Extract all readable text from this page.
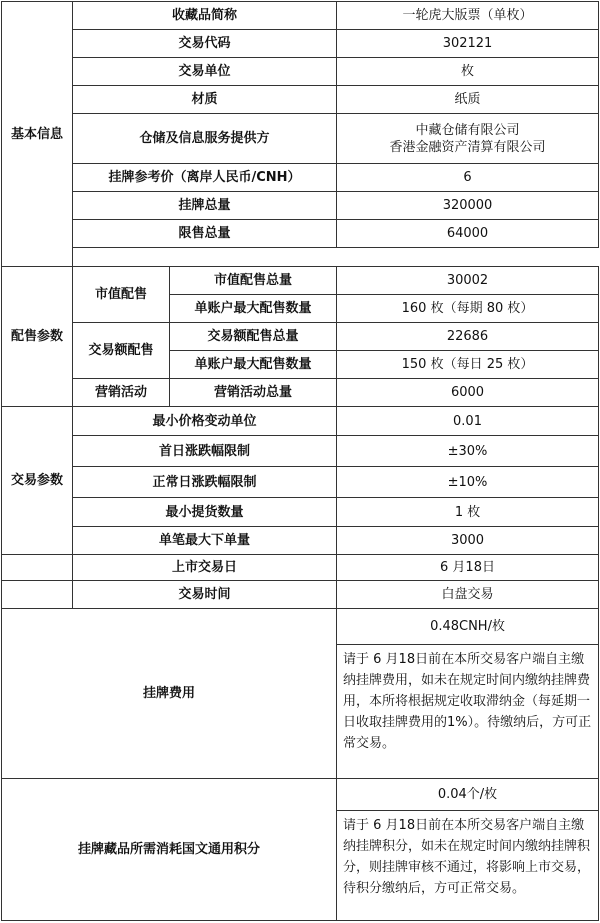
基本信息	收藏品简称		一轮虎大版票（单枚）
	交易代码		302121
	交易单位		枚
	材质		纸质
	仓储及信息服务提供方		中藏仓储有限公司
香港金融资产清算有限公司

	挂牌参考价（离岸人民币/CNH）		6
	挂牌总量		320000
	限售总量		64000

配售参数	市值配售	市值配售总量	30002
		单账户最大配售数量	160 枚（每期 80 枚）
	交易额配售	交易额配售总量	22686
		单账户最大配售数量	150 枚（每日 25 枚）
	营销活动	营销活动总量	6000
交易参数	最小价格变动单位		0.01
	首日涨跌幅限制		±30%
	正常日涨跌幅限制		±10%
	最小提货数量		1 枚
	单笔最大下单量		3000
	上市交易日		6 月18日
	交易时间		白盘交易
挂牌费用			0.48CNH/枚
			请于 6 月18日前在本所交易客户端自主缴纳挂牌费用，如未在规定时间内缴纳挂牌费用，本所将根据规定收取滞纳金（每延期一日收取挂牌费用的1%）。待缴纳后，方可正常交易。
挂牌藏品所需消耗国文通用积分			0.04个/枚
			请于 6 月18日前在本所交易客户端自主缴纳挂牌积分，如未在规定时间内缴纳挂牌积分，则挂牌审核不通过，将影响上市交易，待积分缴纳后，方可正常交易。
